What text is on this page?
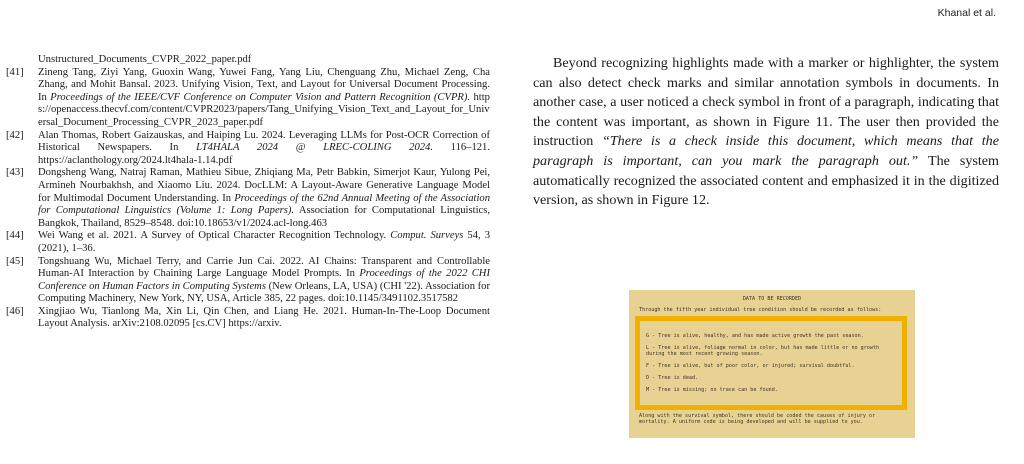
Khanal et al.
Unstructured_Documents_CVPR_2022_paper.pdf
[41]	Zineng Tang, Ziyi Yang, Guoxin Wang, Yuwei Fang, Yang Liu, Chenguang Zhu, Michael Zeng, Cha Zhang, and Mohit Bansal. 2023. Unifying Vision, Text, and Layout for Universal Document Processing. In Proceedings of the IEEE/CVF Conference on Computer Vision and Pattern Recognition (CVPR). https://openaccess.thecvf.com/content/CVPR2023/papers/Tang_Unifying_Vision_Text_and_Layout_for_Universal_Document_Processing_CVPR_2023_paper.pdf
[42]	Alan Thomas, Robert Gaizauskas, and Haiping Lu. 2024. Leveraging LLMs for Post-OCR Correction of Historical Newspapers. In LT4HALA 2024 @ LREC-COLING 2024. 116–121. https://aclanthology.org/2024.lt4hala-1.14.pdf
[43]	Dongsheng Wang, Natraj Raman, Mathieu Sibue, Zhiqiang Ma, Petr Babkin, Simerjot Kaur, Yulong Pei, Armineh Nourbakhsh, and Xiaomo Liu. 2024. DocLLM: A Layout-Aware Generative Language Model for Multimodal Document Understanding. In Proceedings of the 62nd Annual Meeting of the Association for Computational Linguistics (Volume 1: Long Papers). Association for Computational Linguistics, Bangkok, Thailand, 8529–8548. doi:10.18653/v1/2024.acl-long.463
[44]	Wei Wang et al. 2021. A Survey of Optical Character Recognition Technology. Comput. Surveys 54, 3 (2021), 1–36.
[45]	Tongshuang Wu, Michael Terry, and Carrie Jun Cai. 2022. AI Chains: Transparent and Controllable Human-AI Interaction by Chaining Large Language Model Prompts. In Proceedings of the 2022 CHI Conference on Human Factors in Computing Systems (New Orleans, LA, USA) (CHI '22). Association for Computing Machinery, New York, NY, USA, Article 385, 22 pages. doi:10.1145/3491102.3517582
[46]	Xingjiao Wu, Tianlong Ma, Xin Li, Qin Chen, and Liang He. 2021. Human-In-The-Loop Document Layout Analysis. arXiv:2108.02095 [cs.CV] https://arxiv.

Beyond recognizing highlights made with a marker or highlighter, the system can also detect check marks and similar annotation symbols in documents. In another case, a user noticed a check symbol in front of a paragraph, indicating that the content was important, as shown in Figure 11. The user then provided the instruction “There is a check inside this document, which means that the paragraph is important, can you mark the paragraph out.” The system automatically recognized the associated content and emphasized it in the digitized version, as shown in Figure 12.

DATA TO BE RECORDED
Through the fifth year individual tree condition should be recorded as follows:
G - Tree is alive, healthy, and has made active growth the past season.
L - Tree is alive, foliage normal in color, but has made little or no growth during the most recent growing season.
F - Tree is alive, but of poor color, or injured; survival doubtful.
D - Tree is dead.
M - Tree is missing; no trace can be found.
Along with the survival symbol, there should be coded the causes of injury or mortality. A uniform code is being developed and will be supplied to you.
